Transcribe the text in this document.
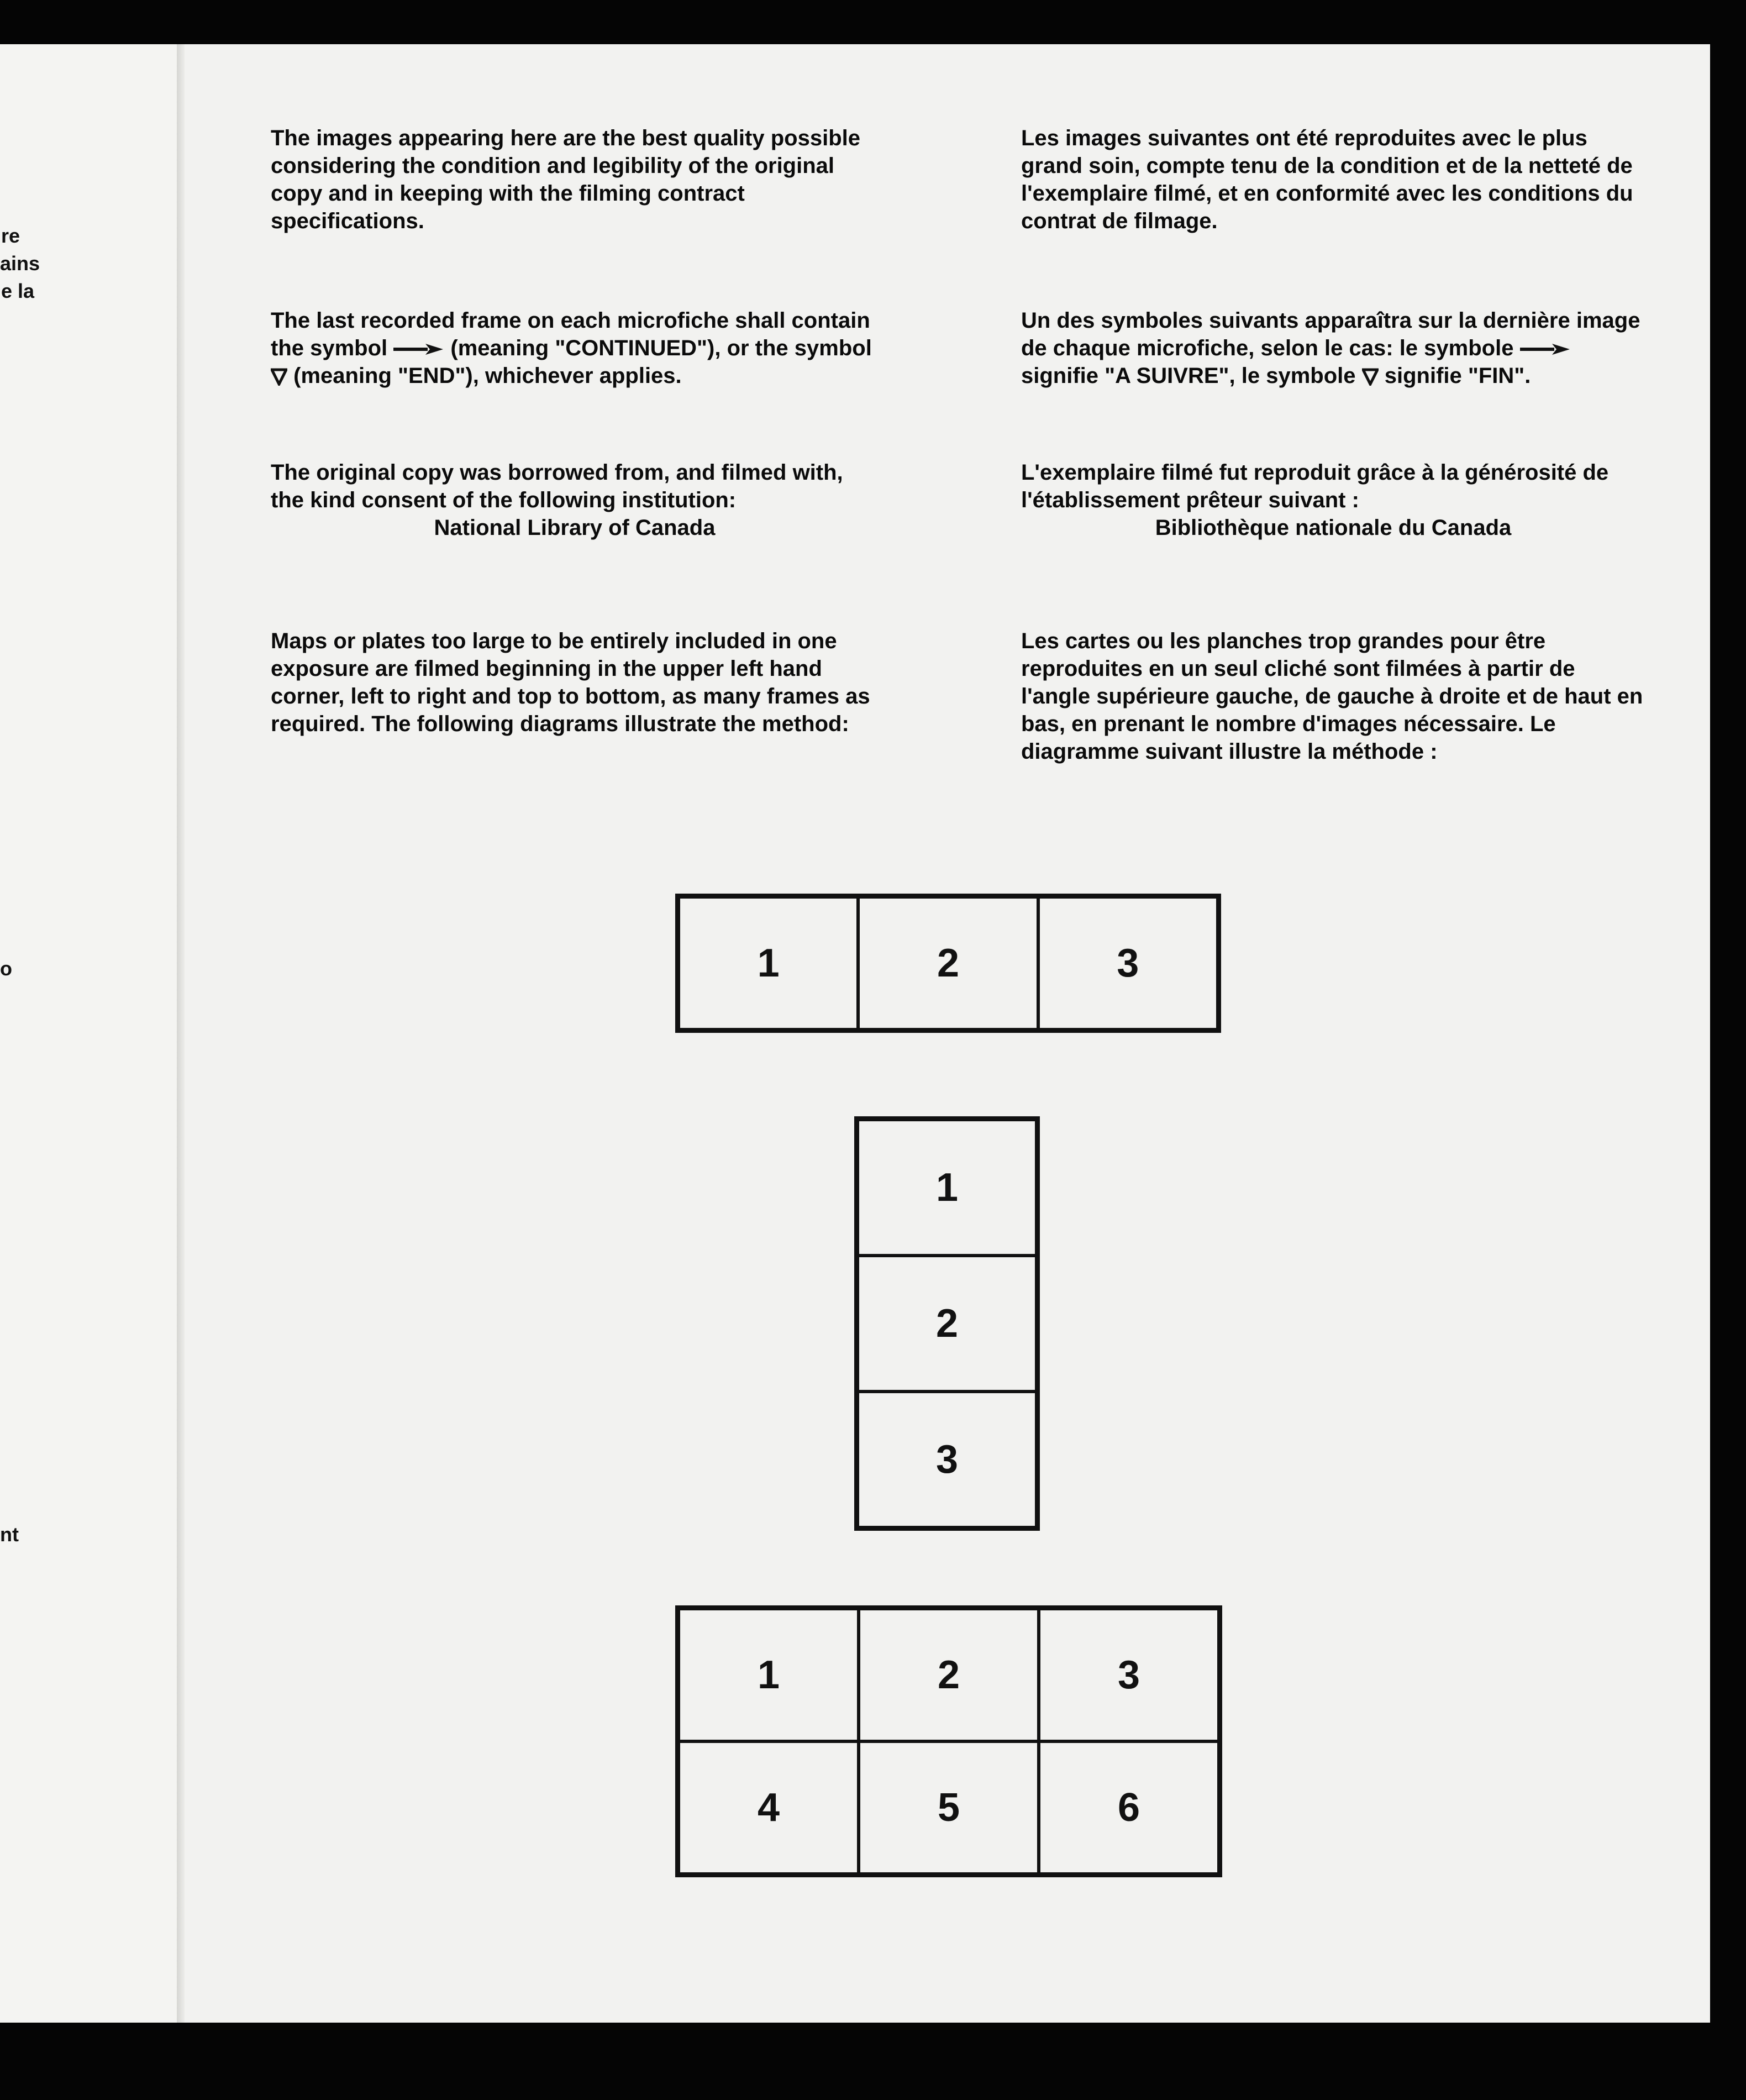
re
ains
e la
o
nt

The images appearing here are the best quality possible considering the condition and legibility of the original copy and in keeping with the filming contract specifications.

The last recorded frame on each microfiche shall contain the symbol	(meaning "CONTINUED"), or the symbol  (meaning "END"), whichever applies.

The original copy was borrowed from, and filmed with, the kind consent of the following institution:

National Library of Canada

Maps or plates too large to be entirely included in one exposure are filmed beginning in the upper left hand corner, left to right and top to bottom, as many frames as required. The following diagrams illustrate the method:

Les images suivantes ont été reproduites avec le plus grand soin, compte tenu de la condition et de la netteté de l'exemplaire filmé, et en conformité avec les conditions du contrat de filmage.

Un des symboles suivants apparaîtra sur la dernière image de chaque microfiche, selon le cas: le symbole  signifie "A SUIVRE", le symbole signifie "FIN".

L'exemplaire filmé fut reproduit grâce à la générosité de l'établissement prêteur suivant :

Bibliothèque nationale du Canada

Les cartes ou les planches trop grandes pour être reproduites en un seul cliché sont filmées à partir de l'angle supérieure gauche, de gauche à droite et de haut en bas, en prenant le nombre d'images nécessaire. Le diagramme suivant illustre la méthode :

1	2	3
1
2
3
1	2	3
4	5	6
